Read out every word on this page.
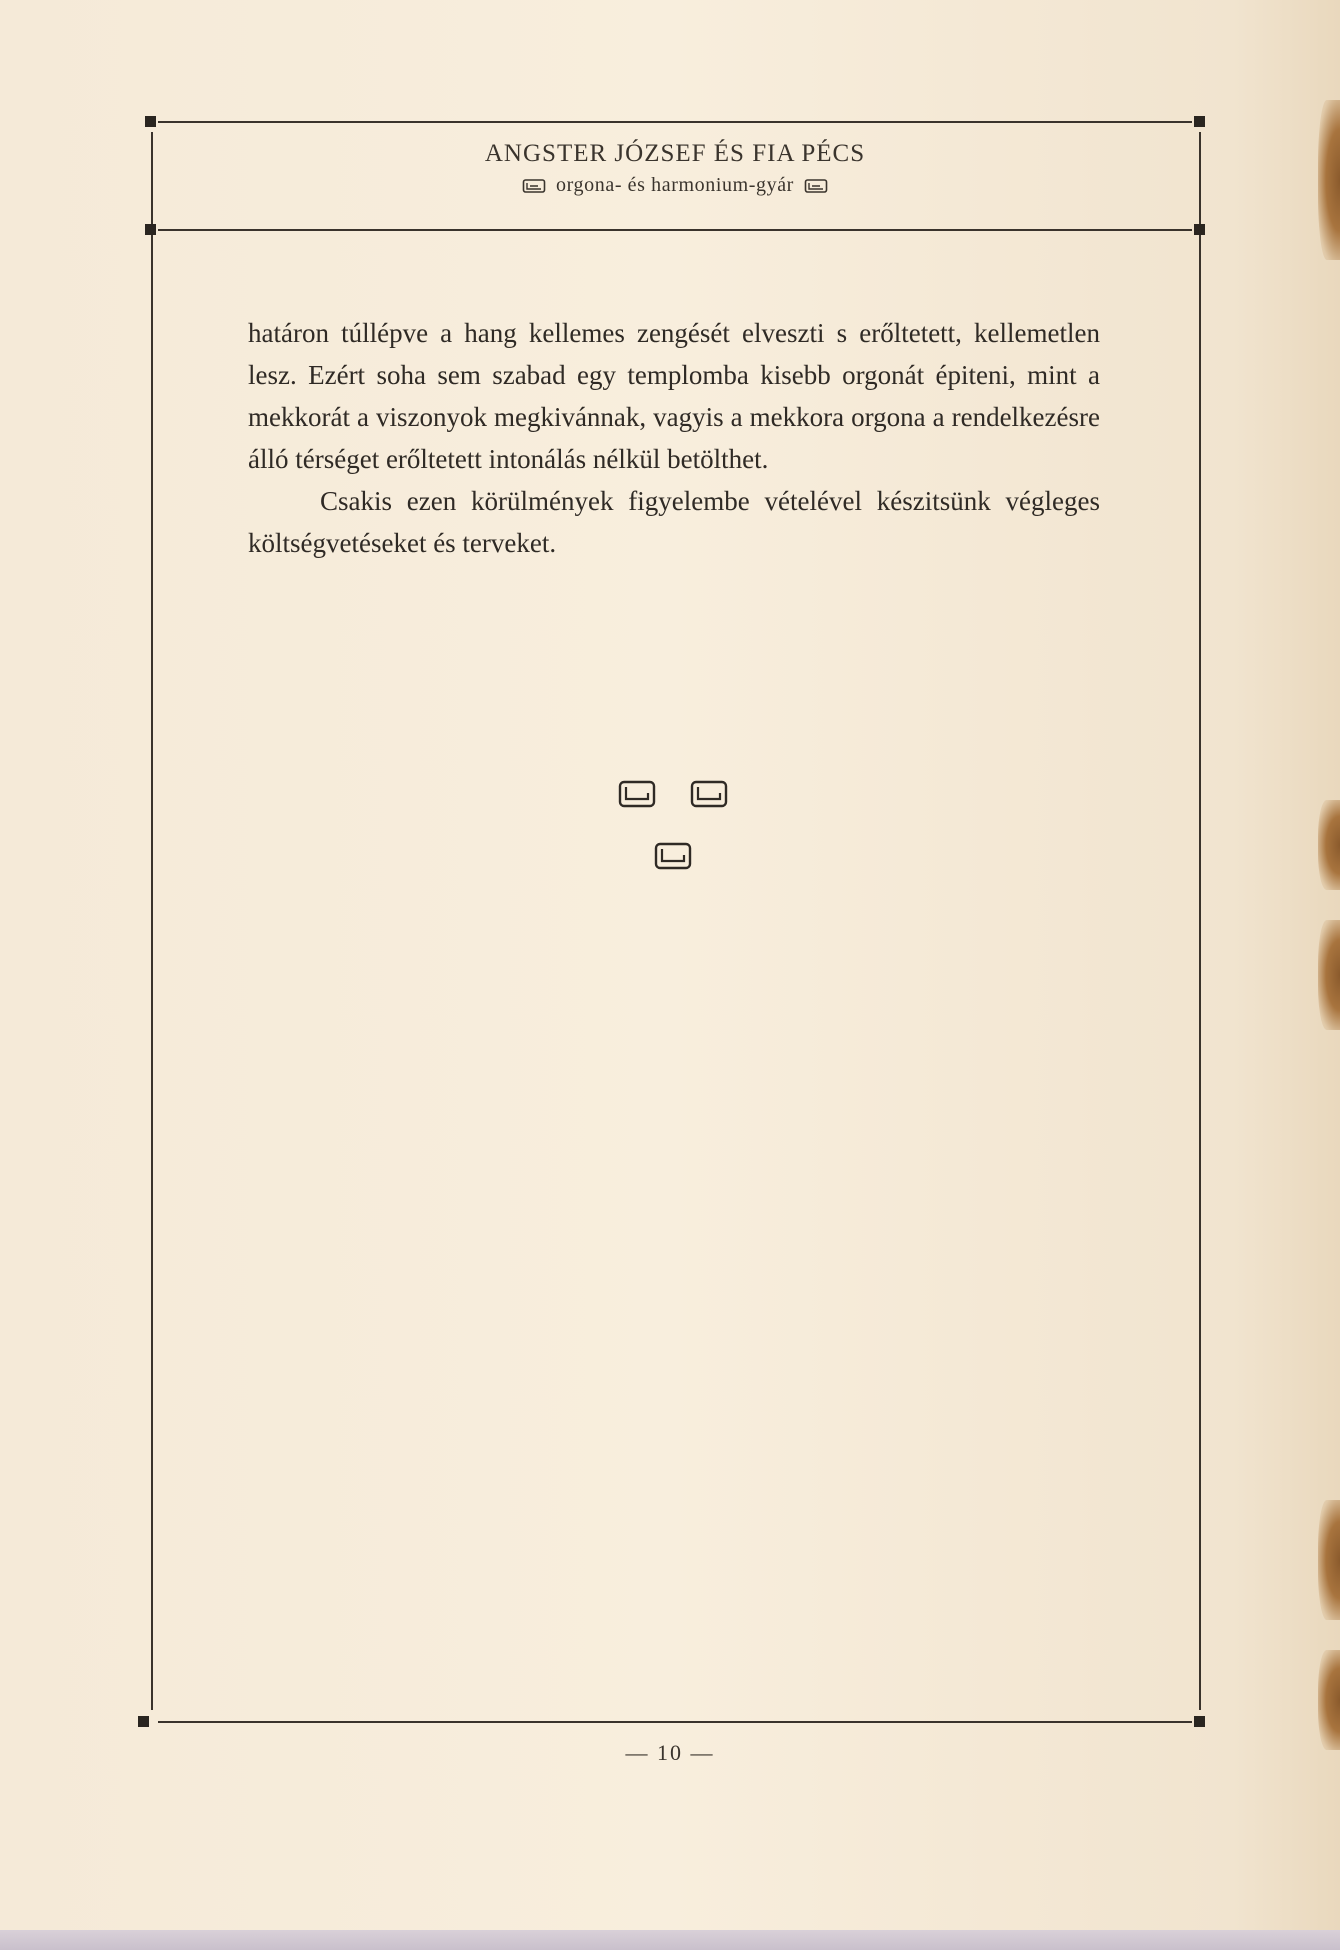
ANGSTER JÓZSEF ÉS FIA PÉCS
orgona- és harmonium-gyár

határon túllépve a hang kellemes zengését elveszti s erőltetett, kellemetlen lesz. Ezért soha sem szabad egy templomba kisebb orgonát épiteni, mint a mekkorát a viszonyok megkivánnak, vagyis a mekkora orgona a rendelkezésre álló térséget erőltetett intonálás nélkül betölthet.

Csakis ezen körülmények figyelembe vételével készitsünk végleges költségvetéseket és terveket.

— 10 —
